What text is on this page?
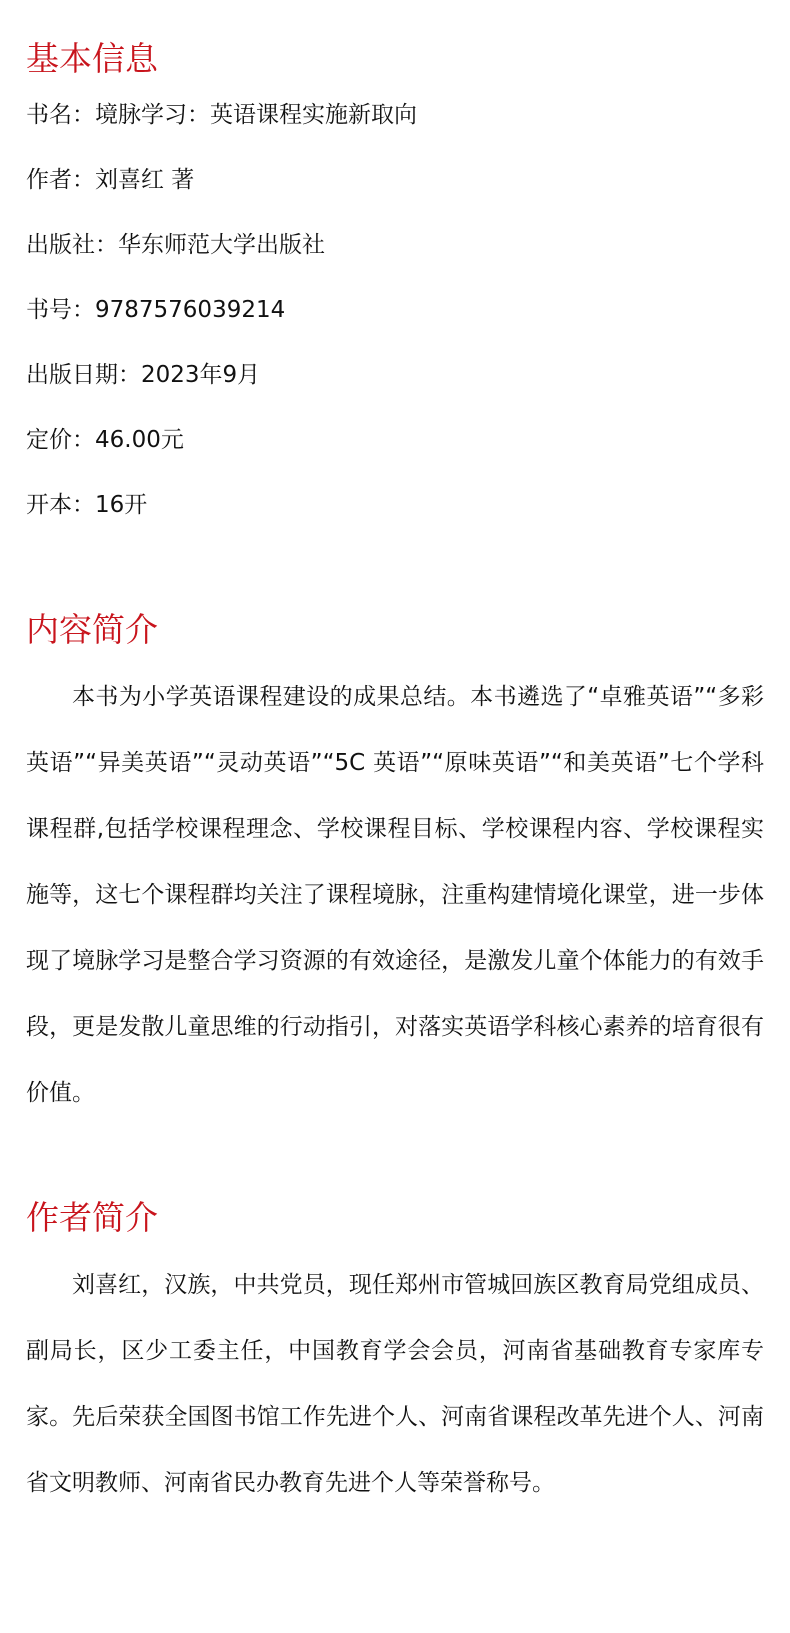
基本信息
书名：境脉学习：英语课程实施新取向
作者：刘喜红 著
出版社：华东师范大学出版社
书号：9787576039214
出版日期：2023年9月
定价：46.00元
开本：16开
内容简介

本书为小学英语课程建设的成果总结。本书遴选了“卓雅英语”“多彩英语”“异美英语”“灵动英语”“5C 英语”“原味英语”“和美英语”七个学科课程群,包括学校课程理念、学校课程目标、学校课程内容、学校课程实施等，这七个课程群均关注了课程境脉，注重构建情境化课堂，进一步体现了境脉学习是整合学习资源的有效途径，是激发儿童个体能力的有效手段，更是发散儿童思维的行动指引，对落实英语学科核心素养的培育很有价值。

作者简介

刘喜红，汉族，中共党员，现任郑州市管城回族区教育局党组成员、副局长，区少工委主任，中国教育学会会员，河南省基础教育专家库专家。先后荣获全国图书馆工作先进个人、河南省课程改革先进个人、河南省文明教师、河南省民办教育先进个人等荣誉称号。
